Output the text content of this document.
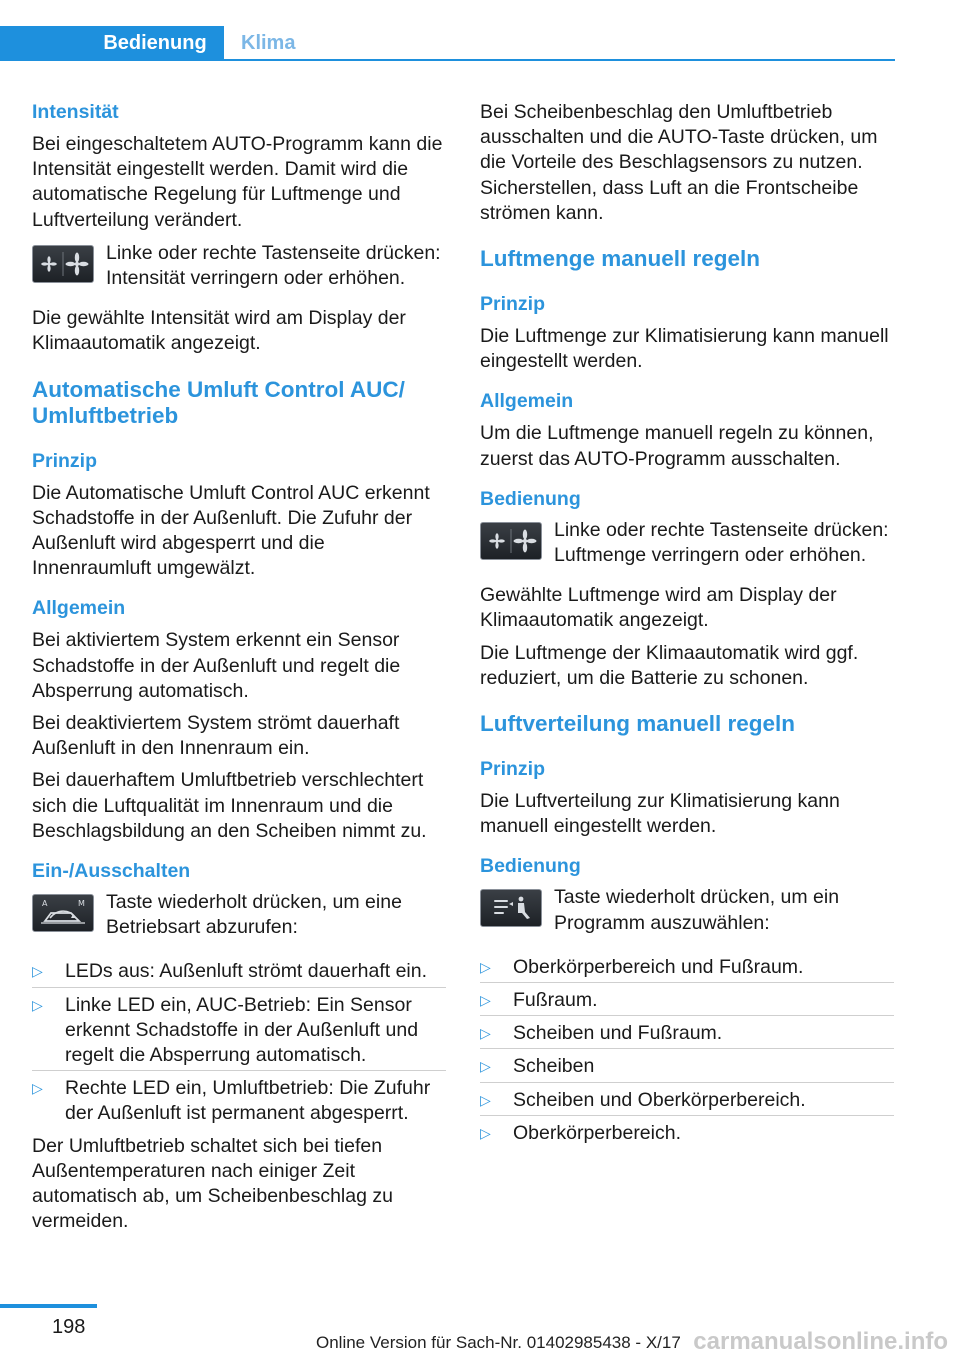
Bedienung	Klima
Intensität

Bei eingeschaltetem AUTO-Programm kann die Intensität eingestellt werden. Damit wird die automatische Regelung für Luftmenge und Luftverteilung verändert.

Linke oder rechte Tastenseite drücken: Intensität verringern oder erhöhen.

Die gewählte Intensität wird am Display der Klimaautomatik angezeigt.

Automatische Umluft Control AUC/ Umluftbetrieb
Prinzip

Die Automatische Umluft Control AUC erkennt Schadstoffe in der Außenluft. Die Zufuhr der Außenluft wird abgesperrt und die Innenraumluft umgewälzt.

Allgemein

Bei aktiviertem System erkennt ein Sensor Schadstoffe in der Außenluft und regelt die Absperrung automatisch.

Bei deaktiviertem System strömt dauerhaft Außenluft in den Innenraum ein.

Bei dauerhaftem Umluftbetrieb verschlechtert sich die Luftqualität im Innenraum und die Beschlagsbildung an den Scheiben nimmt zu.

Ein-/Ausschalten
A	M	Taste wiederholt drücken, um eine Betriebsart abzurufen:

▷ LEDs aus: Außenluft strömt dauerhaft ein.
▷ Linke LED ein, AUC-Betrieb: Ein Sensor erkennt Schadstoffe in der Außenluft und regelt die Absperrung automatisch.
▷ Rechte LED ein, Umluftbetrieb: Die Zufuhr der Außenluft ist permanent abgesperrt.

Der Umluftbetrieb schaltet sich bei tiefen Außentemperaturen nach einiger Zeit automatisch ab, um Scheibenbeschlag zu vermeiden.

Bei Scheibenbeschlag den Umluftbetrieb ausschalten und die AUTO-Taste drücken, um die Vorteile des Beschlagsensors zu nutzen. Sicherstellen, dass Luft an die Frontscheibe strömen kann.

Luftmenge manuell regeln
Prinzip

Die Luftmenge zur Klimatisierung kann manuell eingestellt werden.

Allgemein

Um die Luftmenge manuell regeln zu können, zuerst das AUTO-Programm ausschalten.

Bedienung

Linke oder rechte Tastenseite drücken: Luftmenge verringern oder erhöhen.

Gewählte Luftmenge wird am Display der Klimaautomatik angezeigt.

Die Luftmenge der Klimaautomatik wird ggf. reduziert, um die Batterie zu schonen.

Luftverteilung manuell regeln
Prinzip

Die Luftverteilung zur Klimatisierung kann manuell eingestellt werden.

Bedienung

Taste wiederholt drücken, um ein Programm auszuwählen:

▷ Oberkörperbereich und Fußraum.
▷ Fußraum.
▷ Scheiben und Fußraum.
▷ Scheiben
▷ Scheiben und Oberkörperbereich.
▷ Oberkörperbereich.
198
Online Version für Sach-Nr. 01402985438 - X/17 carmanualsonline.info
